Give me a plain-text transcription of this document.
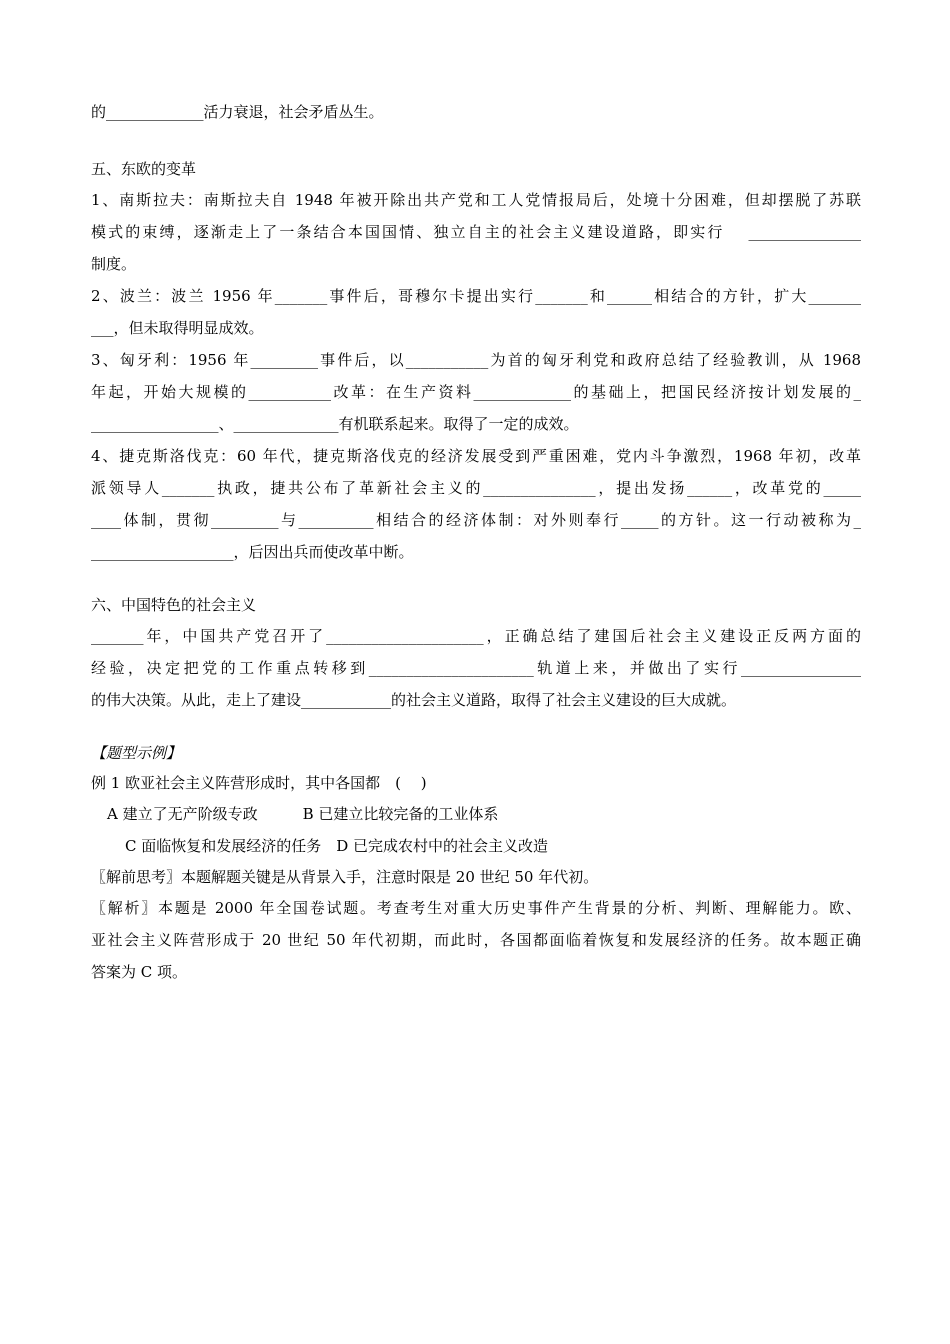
的_____________活力衰退，社会矛盾丛生。
五、东欧的变革
1、南斯拉夫：南斯拉夫自 1948 年被开除出共产党和工人党情报局后，处境十分困难，但却摆脱了苏联
模式的束缚，逐渐走上了一条结合本国国情、独立自主的社会主义建设道路，即实行　 _______________
制度。
2、波兰：波兰 1956 年_______事件后，哥穆尔卡提出实行_______和______相结合的方针，扩大_______
___，但未取得明显成效。
3、匈牙利：1956 年_________事件后，以___________为首的匈牙利党和政府总结了经验教训，从 1968
年起，开始大规模的___________改革：在生产资料_____________的基础上，把国民经济按计划发展的_
_________________、______________有机联系起来。取得了一定的成效。
4、捷克斯洛伐克：60 年代，捷克斯洛伐克的经济发展受到严重困难，党内斗争激烈，1968 年初，改革
派领导人_______执政，捷共公布了革新社会主义的_______________，提出发扬______，改革党的_____
____体制，贯彻_________与__________相结合的经济体制：对外则奉行_____的方针。这一行动被称为_
___________________，后因出兵而使改革中断。
六、中国特色的社会主义
_______年，中国共产党召开了_____________________，正确总结了建国后社会主义建设正反两方面的
经验，决定把党的工作重点转移到______________________轨道上来，并做出了实行________________
的伟大决策。从此，走上了建设____________的社会主义道路，取得了社会主义建设的巨大成就。
【题型示例】
例 1 欧亚社会主义阵营形成时，其中各国都　(　 )
A 建立了无产阶级专政　　　B 已建立比较完备的工业体系
C 面临恢复和发展经济的任务　D 已完成农村中的社会主义改造
〖解前思考〗本题解题关键是从背景入手，注意时限是 20 世纪 50 年代初。
〖解析〗本题是 2000 年全国卷试题。考查考生对重大历史事件产生背景的分析、判断、理解能力。欧、
亚社会主义阵营形成于 20 世纪 50 年代初期，而此时，各国都面临着恢复和发展经济的任务。故本题正确
答案为 C 项。
